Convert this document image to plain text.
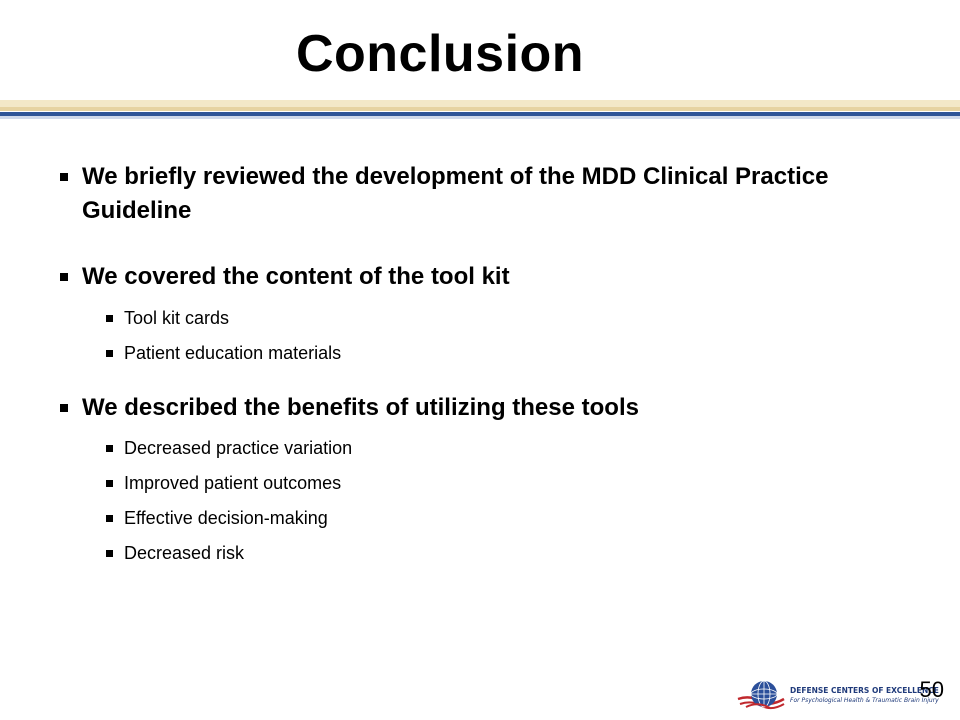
Conclusion
We briefly reviewed the development of the MDD Clinical Practice Guideline
We covered the content of the tool kit
Tool kit cards
Patient education materials
We described the benefits of utilizing these tools
Decreased practice variation
Improved patient outcomes
Effective decision-making
Decreased risk
DEFENSE CENTERS OF EXCELLENCE
For Psychological Health & Traumatic Brain Injury
50
